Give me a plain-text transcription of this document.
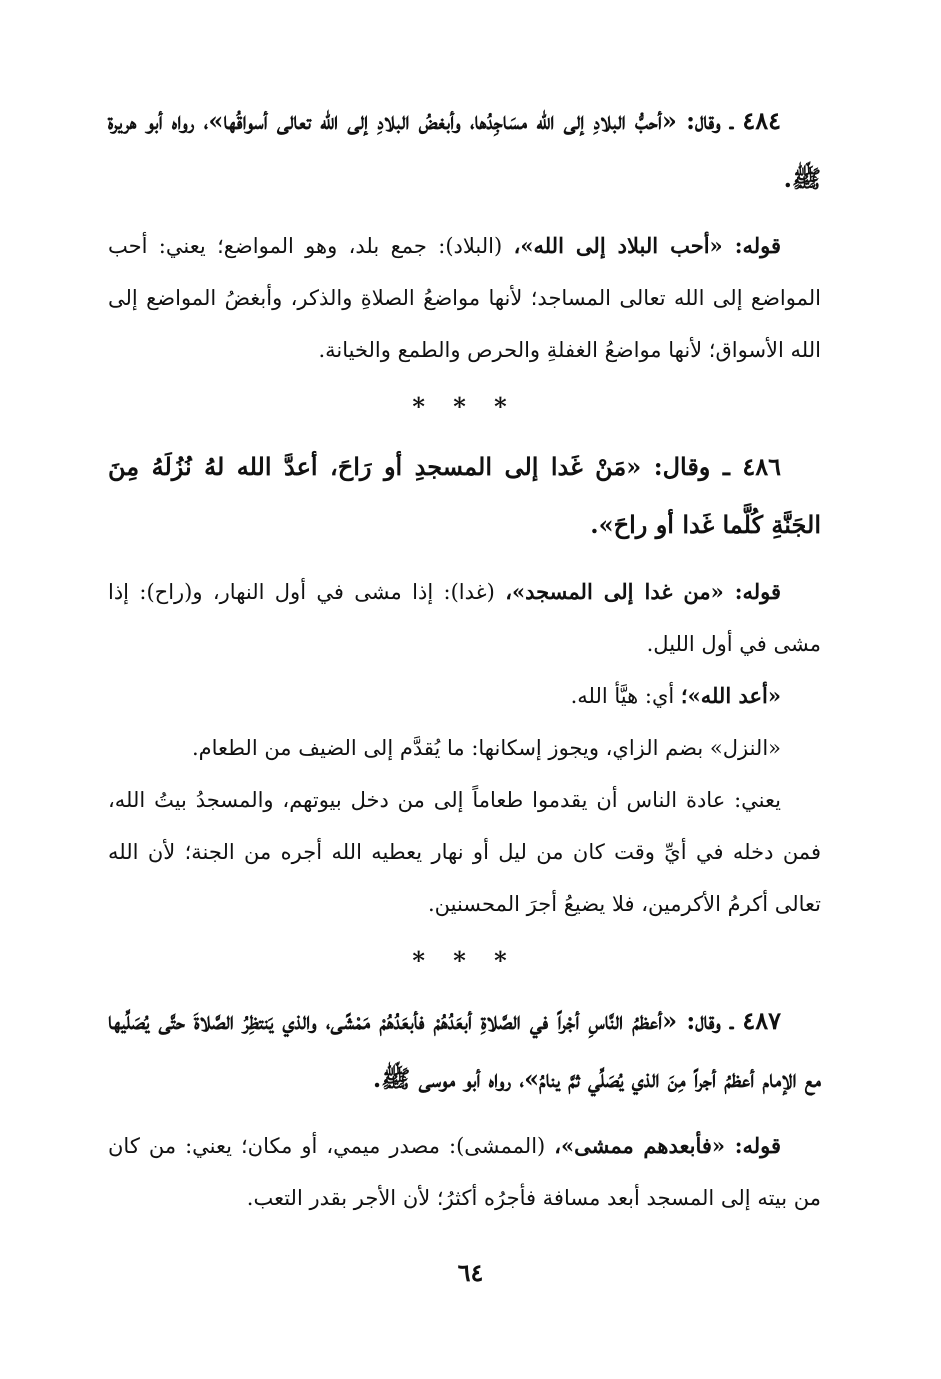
٤٨٤ ـ وقال: «أحبُّ البلادِ إلى الله مسَاجِدُها، وأبغضُ البلادِ إلى الله تعالى أسواقُها»، رواه أبو هريرة ﷺ.

قوله: «أحب البلاد إلى الله»، (البلاد): جمع بلد، وهو المواضع؛ يعني: أحب المواضع إلى الله تعالى المساجد؛ لأنها مواضعُ الصلاةِ والذكر، وأبغضُ المواضع إلى الله الأسواق؛ لأنها مواضعُ الغفلةِ والحرص والطمع والخيانة.

* * *

٤٨٦ ـ وقال: «مَنْ غَدا إلى المسجدِ أو رَاحَ، أعدَّ الله لهُ نُزُلَهُ مِنَ الجَنَّةِ كُلَّما غَدا أو راحَ».

قوله: «من غدا إلى المسجد»، (غدا): إذا مشى في أول النهار، و(راح): إذا مشى في أول الليل.

«أعد الله»؛ أي: هيَّأ الله.

«النزل» بضم الزاي، ويجوز إسكانها: ما يُقدَّم إلى الضيف من الطعام.

يعني: عادة الناس أن يقدموا طعاماً إلى من دخل بيوتهم، والمسجدُ بيتُ الله، فمن دخله في أيِّ وقت كان من ليل أو نهار يعطيه الله أجره من الجنة؛ لأن الله تعالى أكرمُ الأكرمين، فلا يضيعُ أجرَ المحسنين.

* * *

٤٨٧ ـ وقال: «أعظمُ النَّاسِ أجْراً في الصَّلاةِ أبعَدُهُمْ فأبعَدُهُمْ مَمْشًى، والذي يَنتظِرُ الصَّلاةَ حتَّى يُصَلِّيها مع الإمام أعظمُ أجراً مِنَ الذي يُصَلِّي ثمَّ ينامُ»، رواه أبو موسى ﷺ.

قوله: «فأبعدهم ممشى»، (الممشى): مصدر ميمي، أو مكان؛ يعني: من كان من بيته إلى المسجد أبعد مسافة فأجرُه أكثرُ؛ لأن الأجر بقدر التعب.

٦٤
